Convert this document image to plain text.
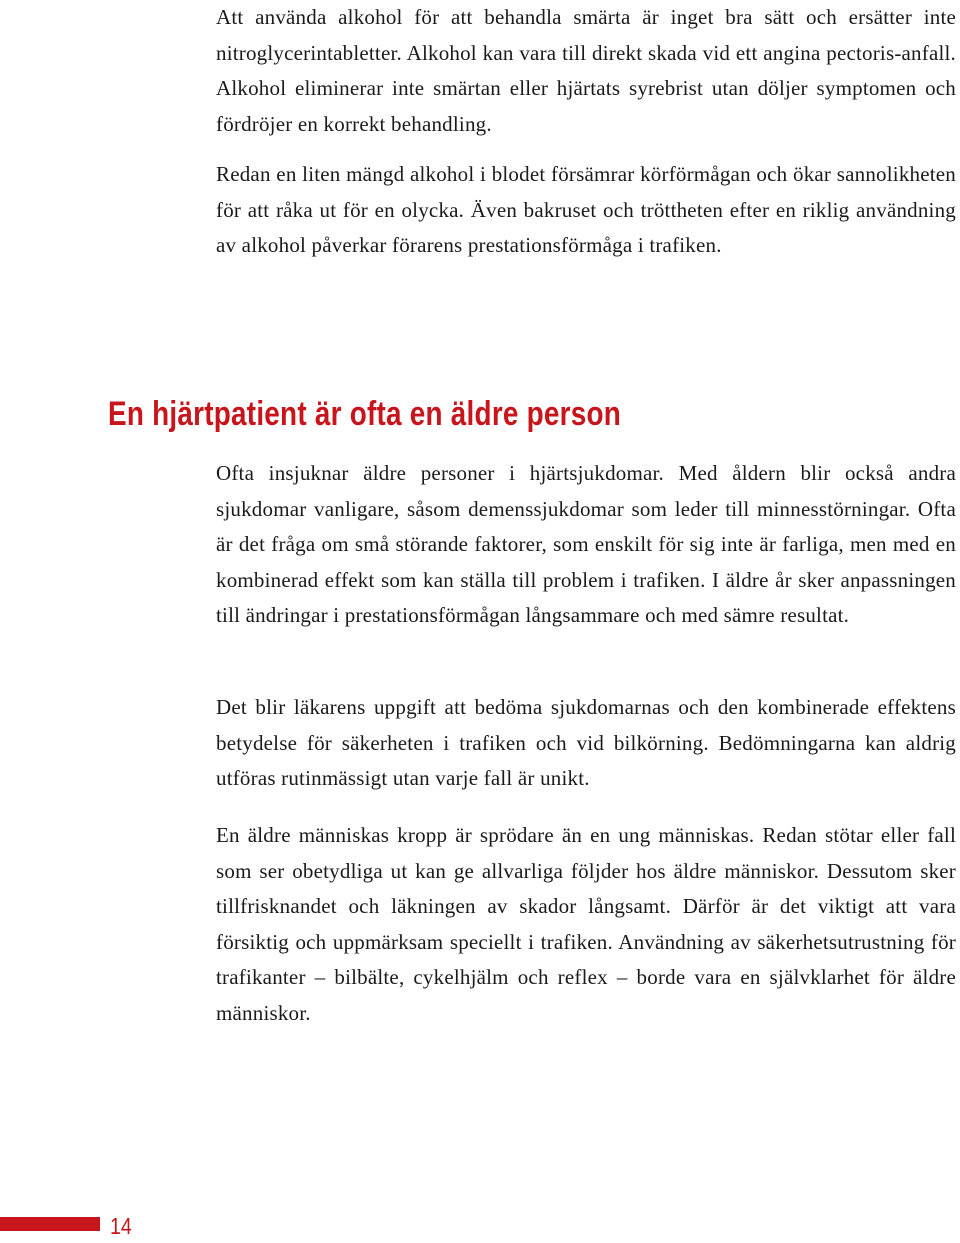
Att använda alkohol för att behandla smärta är inget bra sätt och ersätter inte nitroglycerintabletter. Alkohol kan vara till direkt skada vid ett angina pectoris-anfall. Alkohol eliminerar inte smärtan eller hjärtats syrebrist utan döljer symptomen och fördröjer en korrekt behandling.

Redan en liten mängd alkohol i blodet försämrar körförmågan och ökar sannolikheten för att råka ut för en olycka. Även bakruset och tröttheten efter en riklig användning av alkohol påverkar förarens prestationsförmåga i trafiken.

En hjärtpatient är ofta en äldre person

Ofta insjuknar äldre personer i hjärtsjukdomar. Med åldern blir också andra sjukdomar vanligare, såsom demenssjukdomar som leder till minnesstörningar. Ofta är det fråga om små störande faktorer, som enskilt för sig inte är farliga, men med en kombinerad effekt som kan ställa till problem i trafiken. I äldre år sker anpassningen till ändringar i prestationsförmågan långsammare och med sämre resultat.

Det blir läkarens uppgift att bedöma sjukdomarnas och den kombinerade effektens betydelse för säkerheten i trafiken och vid bilkörning. Bedömningarna kan aldrig utföras rutinmässigt utan varje fall är unikt.

En äldre människas kropp är sprödare än en ung människas. Redan stötar eller fall som ser obetydliga ut kan ge allvarliga följder hos äldre människor. Dessutom sker tillfrisknandet och läkningen av skador långsamt. Därför är det viktigt att vara försiktig och uppmärksam speciellt i trafiken. Användning av säkerhetsutrustning för trafikanter – bilbälte, cykelhjälm och reflex – borde vara en självklarhet för äldre människor.

14
